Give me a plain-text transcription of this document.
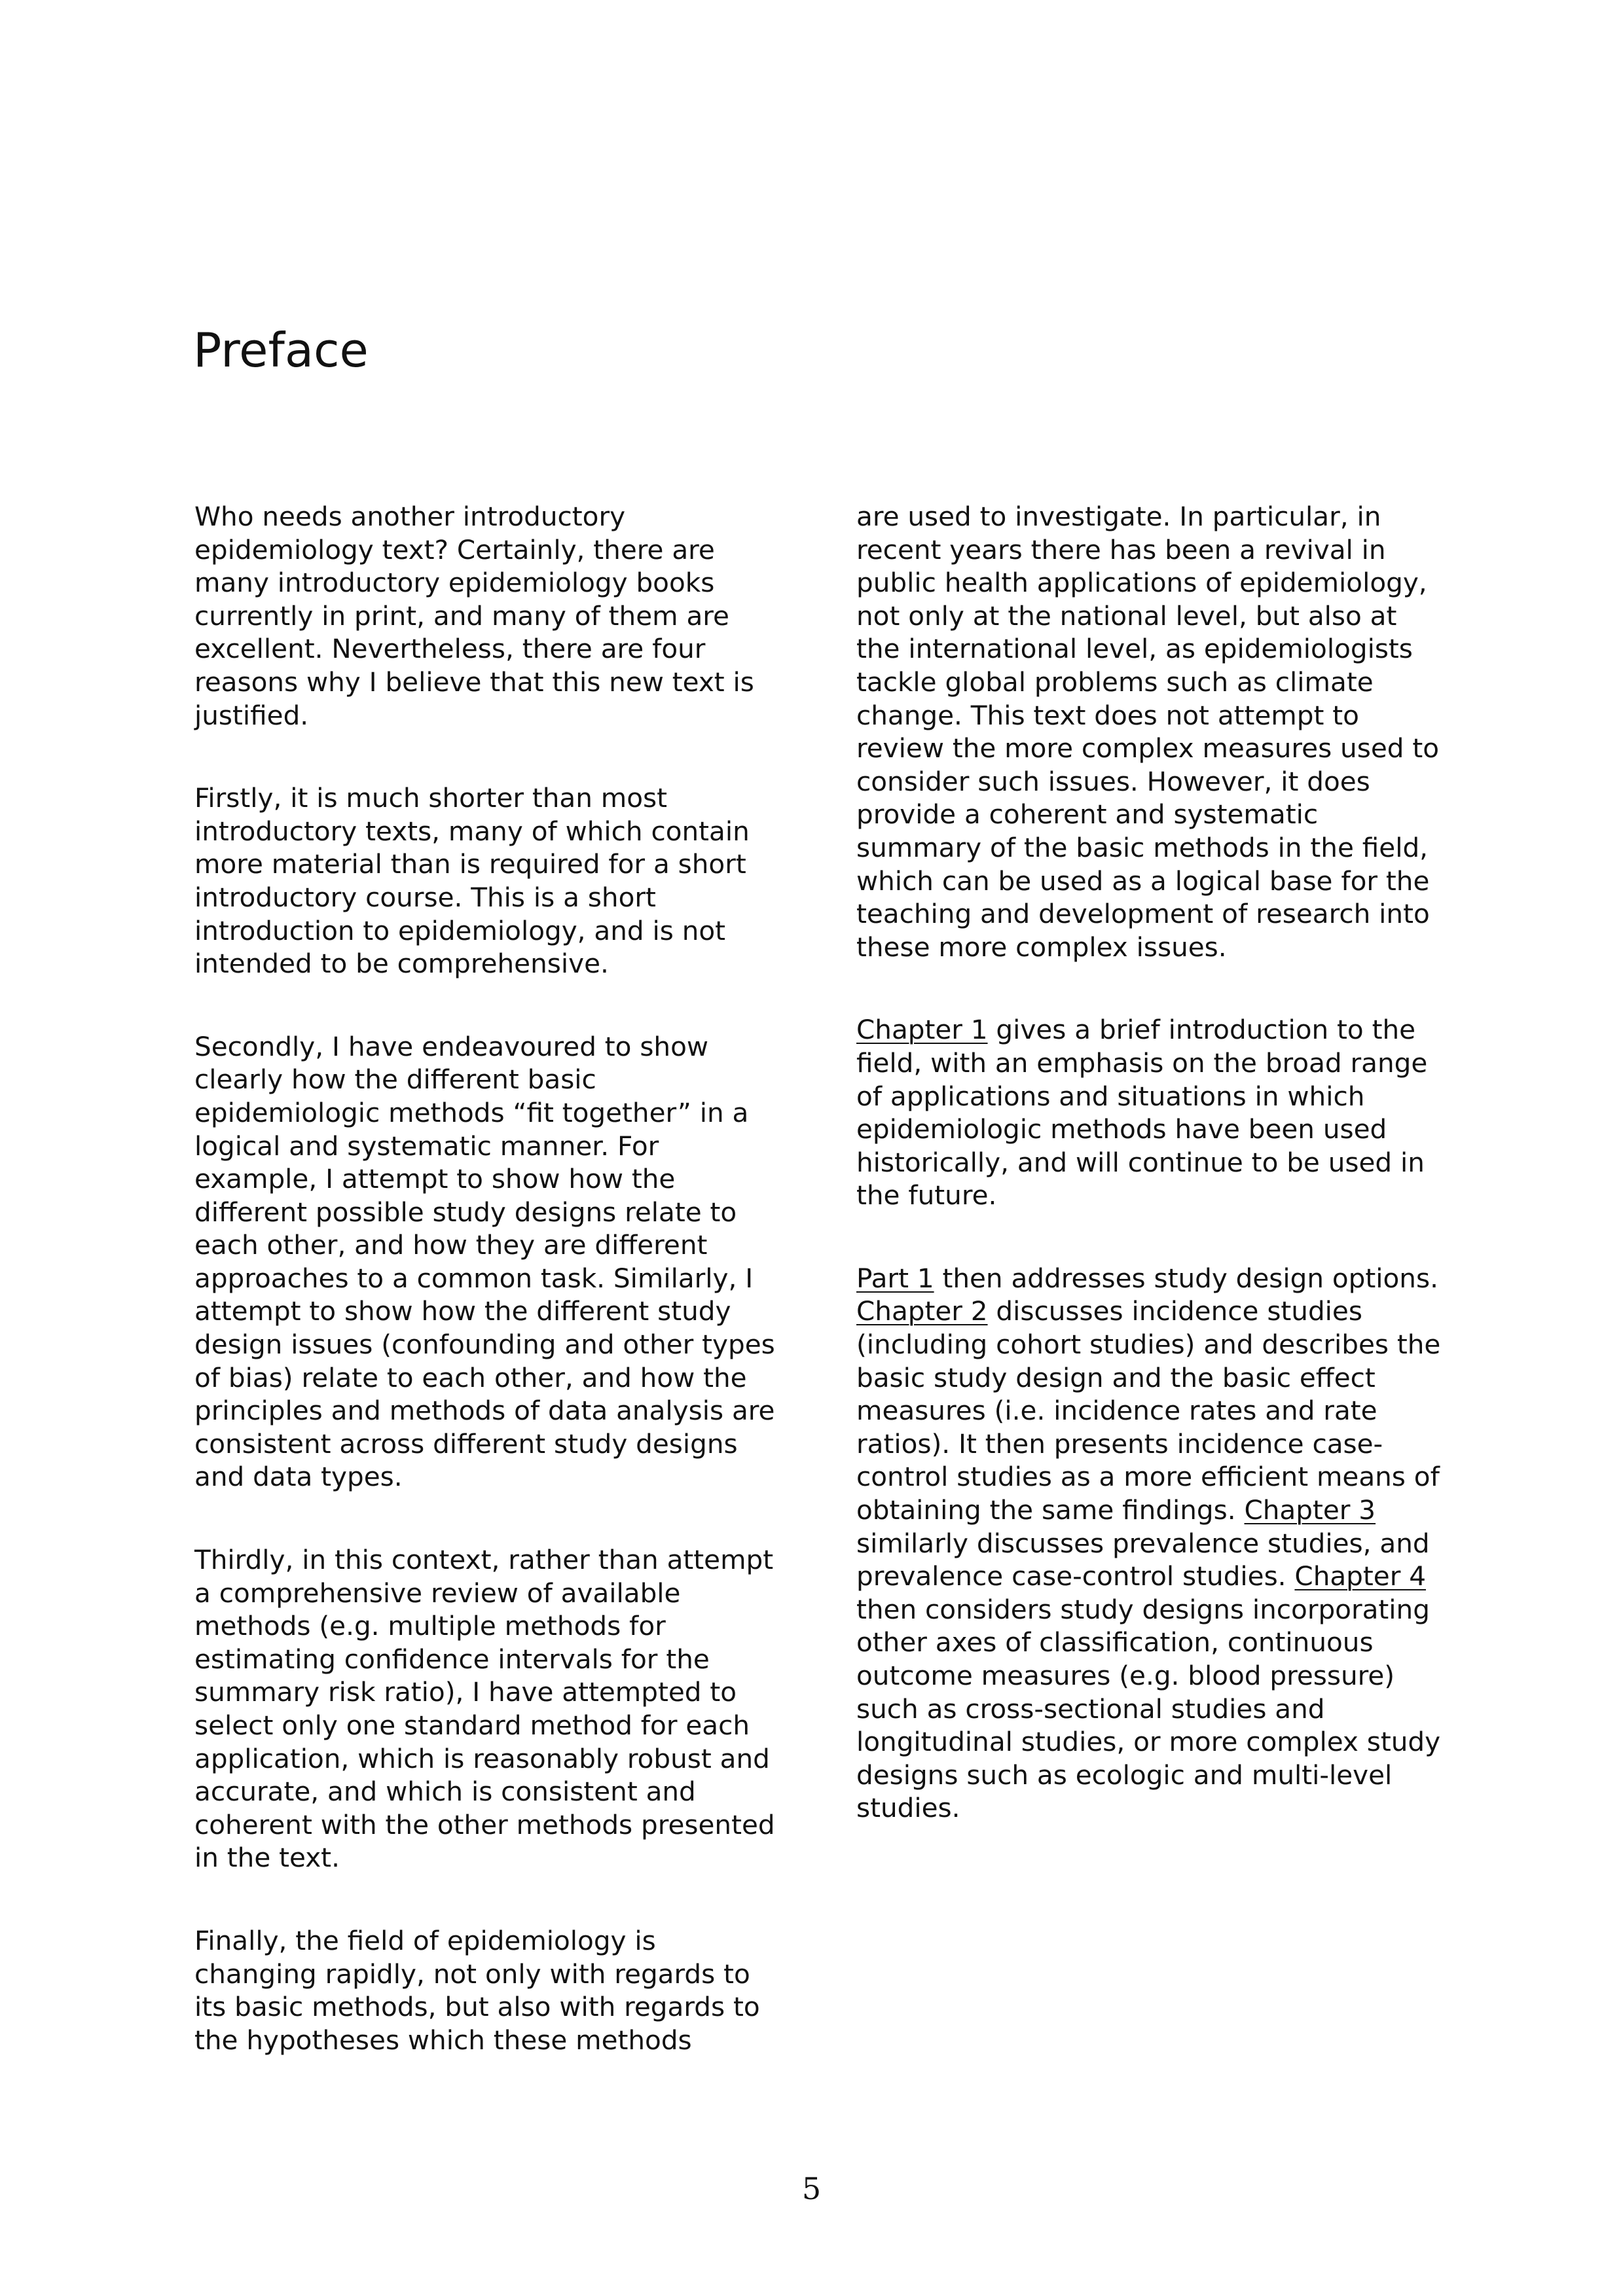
Preface

Who needs another introductory epidemiology text? Certainly, there are many introductory epidemiology books currently in print, and many of them are excellent. Nevertheless, there are four reasons why I believe that this new text is justified.

Firstly, it is much shorter than most introductory texts, many of which contain more material than is required for a short introductory course. This is a short introduction to epidemiology, and is not intended to be comprehensive.

Secondly, I have endeavoured to show clearly how the different basic epidemiologic methods “fit together” in a logical and systematic manner. For example, I attempt to show how the different possible study designs relate to each other, and how they are different approaches to a common task. Similarly, I attempt to show how the different study design issues (confounding and other types of bias) relate to each other, and how the principles and methods of data analysis are consistent across different study designs and data types.

Thirdly, in this context, rather than attempt a comprehensive review of available methods (e.g. multiple methods for estimating confidence intervals for the summary risk ratio), I have attempted to select only one standard method for each application, which is reasonably robust and accurate, and which is consistent and coherent with the other methods presented in the text.

Finally, the field of epidemiology is changing rapidly, not only with regards to its basic methods, but also with regards to the hypotheses which these methods

are used to investigate. In particular, in recent years there has been a revival in public health applications of epidemiology, not only at the national level, but also at the international level, as epidemiologists tackle global problems such as climate change. This text does not attempt to review the more complex measures used to consider such issues. However, it does provide a coherent and systematic summary of the basic methods in the field, which can be used as a logical base for the teaching and development of research into these more complex issues.

Chapter 1 gives a brief introduction to the field, with an emphasis on the broad range of applications and situations in which epidemiologic methods have been used historically, and will continue to be used in the future.

Part 1 then addresses study design options. Chapter 2 discusses incidence studies (including cohort studies) and describes the basic study design and the basic effect measures (i.e. incidence rates and rate ratios). It then presents incidence case-control studies as a more efficient means of obtaining the same findings. Chapter 3 similarly discusses prevalence studies, and prevalence case-control studies. Chapter 4 then considers study designs incorporating other axes of classification, continuous outcome measures (e.g. blood pressure) such as cross-sectional studies and longitudinal studies, or more complex study designs such as ecologic and multi-level studies.

5
